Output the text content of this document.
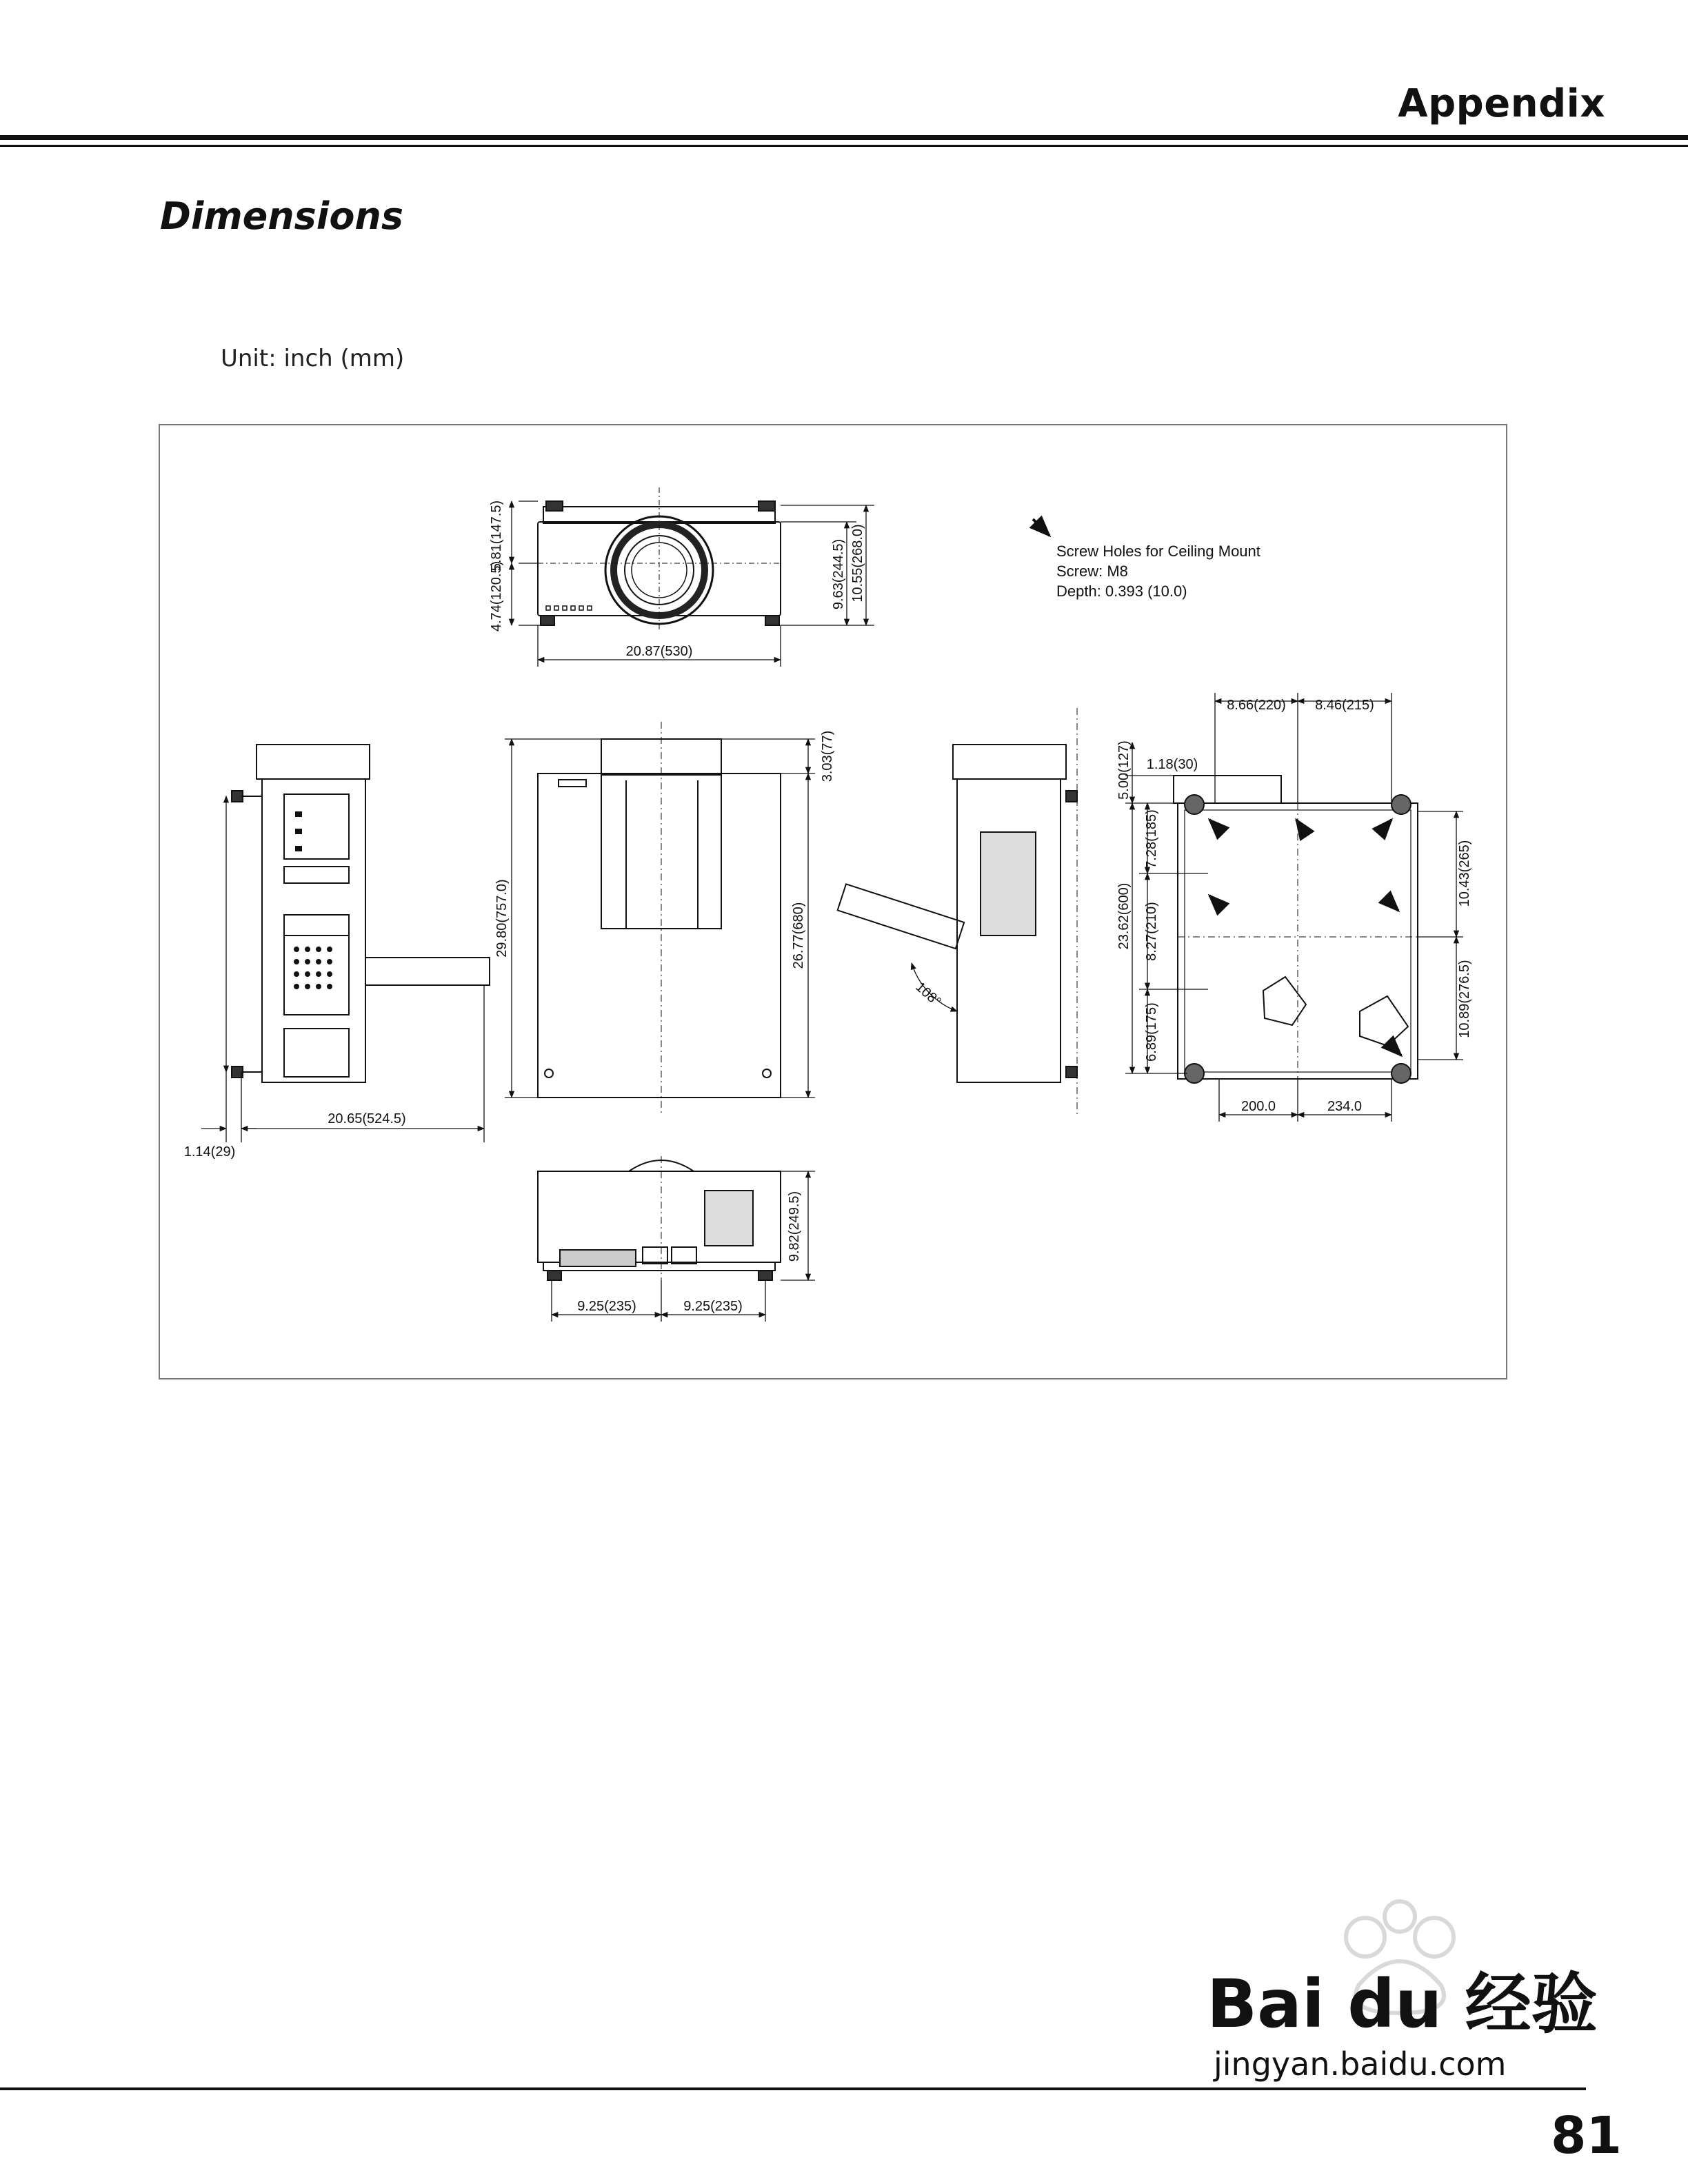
Appendix
Dimensions
Unit: inch (mm)
5.81(147.5)
4.74(120.5)	9.63(244.5) 10.55(268.0)
20.87(530)
20.65(524.5)
1.14(29)
29.80(757.0)
3.03(77)
26.77(680)
108°
8.66(220) 8.46(215)
5.00(127) 1.18(30)
7.28(185)
23.62(600) 8.27(210)
6.89(175)
10.43(265)
10.89(276.5)
200.0	234.0
9.82(249.5)
9.25(235)	9.25(235)
Screw Holes for Ceiling Mount
Screw: M8
Depth: 0.393 (10.0)
Bai du 经验
jingyan.baidu.com
81
